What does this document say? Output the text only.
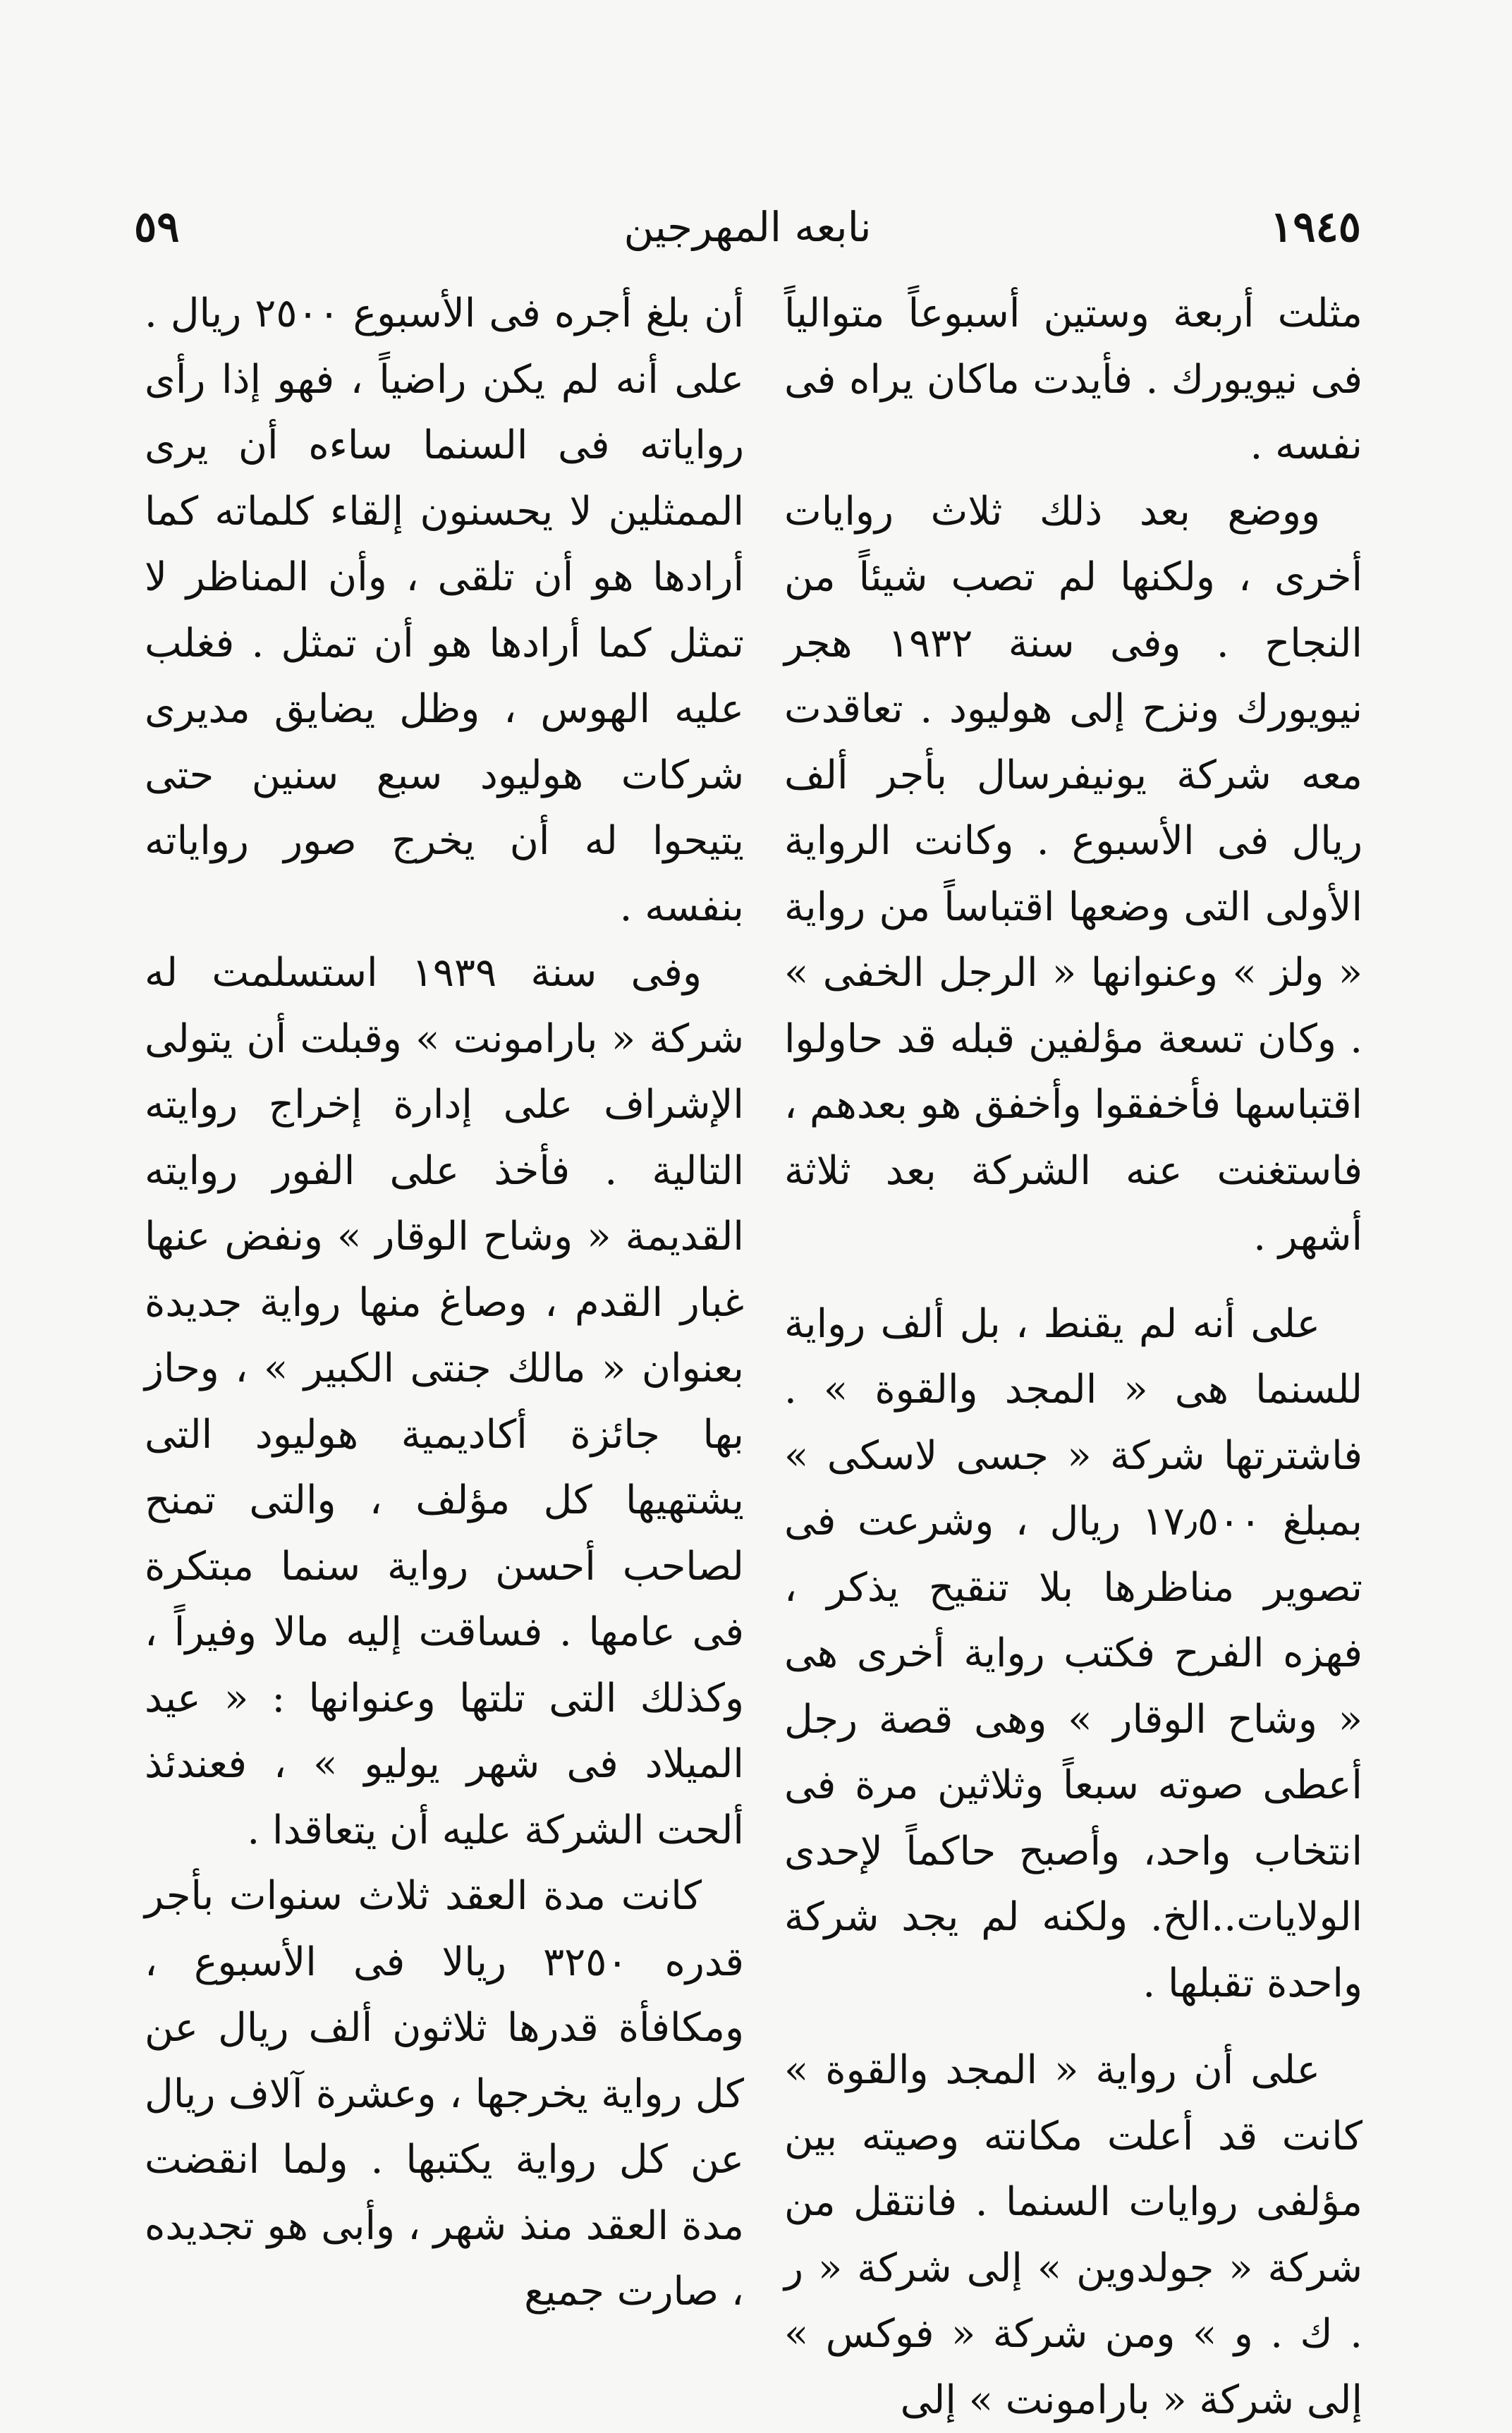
١٩٤٥
نابعه المهرجين
٥٩

مثلت أربعة وستين أسبوعاً متوالياً فى نيويورك . فأيدت ماكان يراه فى نفسه .

ووضع بعد ذلك ثلاث روايات أخرى ، ولكنها لم تصب شيئاً من النجاح . وفى سنة ١٩٣٢ هجر نيويورك ونزح إلى هوليود . تعاقدت معه شركة يونيفرسال بأجر ألف ريال فى الأسبوع . وكانت الرواية الأولى التى وضعها اقتباساً من رواية « ولز » وعنوانها « الرجل الخفى » . وكان تسعة مؤلفين قبله قد حاولوا اقتباسها فأخفقوا وأخفق هو بعدهم ، فاستغنت عنه الشركة بعد ثلاثة أشهر .

على أنه لم يقنط ، بل ألف رواية للسنما هى « المجد والقوة » . فاشترتها شركة « جسى لاسكى » بمبلغ ١٧٫٥٠٠ ريال ، وشرعت فى تصوير مناظرها بلا تنقيح يذكر ، فهزه الفرح فكتب رواية أخرى هى « وشاح الوقار » وهى قصة رجل أعطى صوته سبعاً وثلاثين مرة فى انتخاب واحد، وأصبح حاكماً لإحدى الولايات..الخ. ولكنه لم يجد شركة واحدة تقبلها .

على أن رواية « المجد والقوة » كانت قد أعلت مكانته وصيته بين مؤلفى روايات السنما . فانتقل من شركة « جولدوين » إلى شركة « ر . ك . و » ومن شركة « فوكس » إلى شركة « بارامونت » إلى

أن بلغ أجره فى الأسبوع ٢٥٠٠ ريال . على أنه لم يكن راضياً ، فهو إذا رأى رواياته فى السنما ساءه أن يرى الممثلين لا يحسنون إلقاء كلماته كما أرادها هو أن تلقى ، وأن المناظر لا تمثل كما أرادها هو أن تمثل . فغلب عليه الهوس ، وظل يضايق مديرى شركات هوليود سبع سنين حتى يتيحوا له أن يخرج صور رواياته بنفسه .

وفى سنة ١٩٣٩ استسلمت له شركة « بارامونت » وقبلت أن يتولى الإشراف على إدارة إخراج روايته التالية . فأخذ على الفور روايته القديمة « وشاح الوقار » ونفض عنها غبار القدم ، وصاغ منها رواية جديدة بعنوان « مالك جنتى الكبير » ، وحاز بها جائزة أكاديمية هوليود التى يشتهيها كل مؤلف ، والتى تمنح لصاحب أحسن رواية سنما مبتكرة فى عامها . فساقت إليه مالا وفيراً ، وكذلك التى تلتها وعنوانها : « عيد الميلاد فى شهر يوليو » ، فعندئذ ألحت الشركة عليه أن يتعاقدا .

كانت مدة العقد ثلاث سنوات بأجر قدره ٣٢٥٠ ريالا فى الأسبوع ، ومكافأة قدرها ثلاثون ألف ريال عن كل رواية يخرجها ، وعشرة آلاف ريال عن كل رواية يكتبها . ولما انقضت مدة العقد منذ شهر ، وأبى هو تجديده ، صارت جميع
